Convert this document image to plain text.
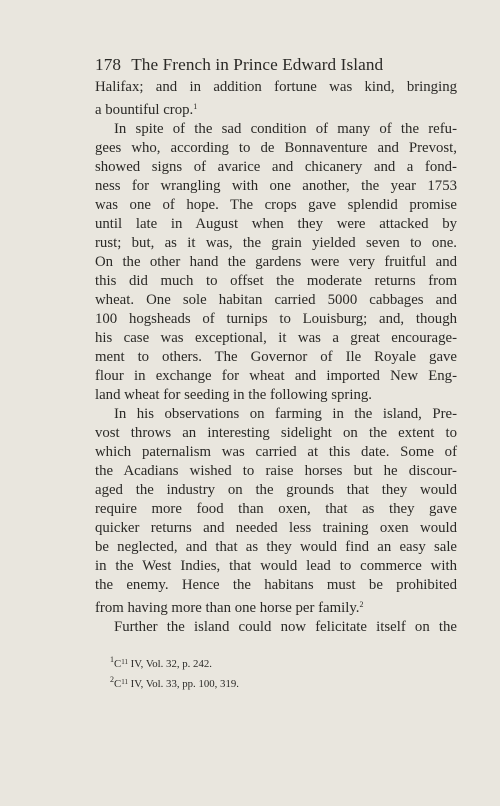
178 The French in Prince Edward Island
Halifax; and in addition fortune was kind, bringing
a bountiful crop.$^1$
In spite of the sad condition of many of the refu-
gees who, according to de Bonnaventure and Prevost,
showed signs of avarice and chicanery and a fond-
ness for wrangling with one another, the year 1753
was one of hope. The crops gave splendid promise
until late in August when they were attacked by
rust; but, as it was, the grain yielded seven to one.
On the other hand the gardens were very fruitful and
this did much to offset the moderate returns from
wheat. One sole habitan carried 5000 cabbages and
100 hogsheads of turnips to Louisburg; and, though
his case was exceptional, it was a great encourage-
ment to others. The Governor of Ile Royale gave
flour in exchange for wheat and imported New Eng-
land wheat for seeding in the following spring.
In his observations on farming in the island, Pre-
vost throws an interesting sidelight on the extent to
which paternalism was carried at this date. Some of
the Acadians wished to raise horses but he discour-
aged the industry on the grounds that they would
require more food than oxen, that as they gave
quicker returns and needed less training oxen would
be neglected, and that as they would find an easy sale
in the West Indies, that would lead to commerce with
the enemy. Hence the habitans must be prohibited
from having more than one horse per family.$^2$
Further the island could now felicitate itself on the
$^1C^{11}$ IV, Vol. 32, p. 242.
$^2C^{11}$ IV, Vol. 33, pp. 100, 319.
